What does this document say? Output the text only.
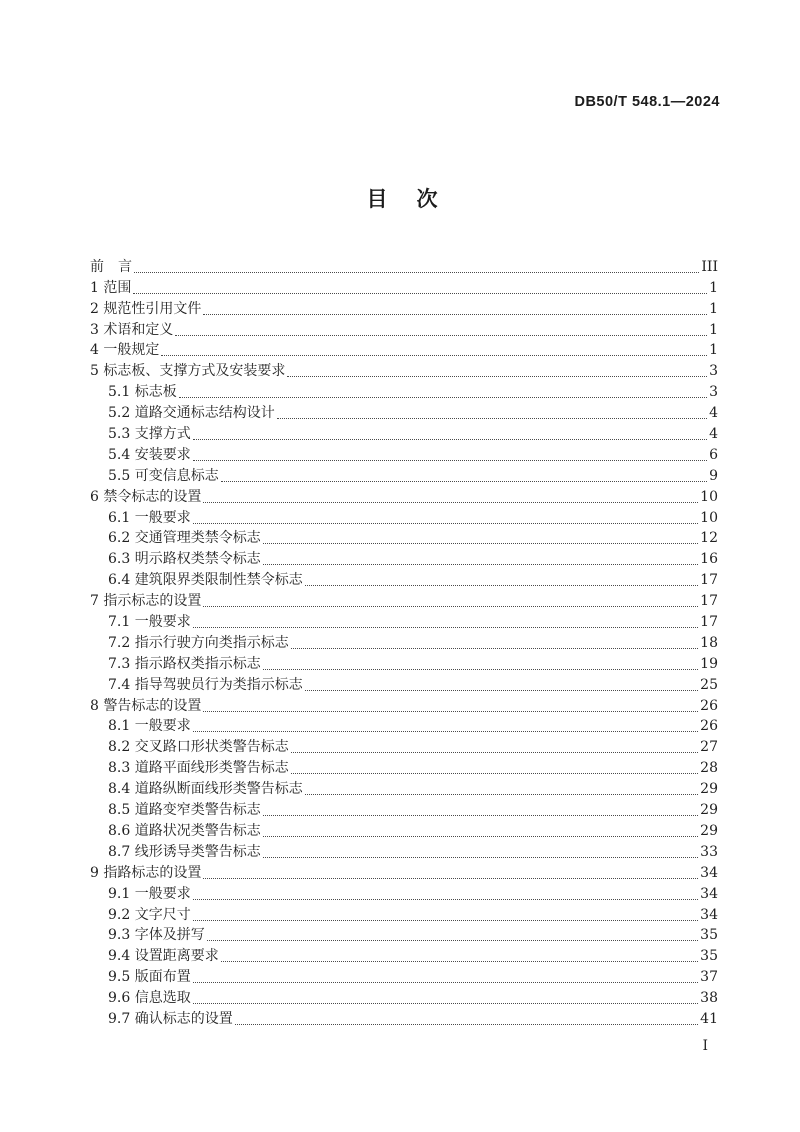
DB50/T 548.1—2024
目　次
前　言	III
1 范围	1
2 规范性引用文件	1
3 术语和定义	1
4 一般规定	1
5 标志板、支撑方式及安装要求	3
5.1 标志板	3
5.2 道路交通标志结构设计	4
5.3 支撑方式	4
5.4 安装要求	6
5.5 可变信息标志	9
6 禁令标志的设置	10
6.1 一般要求	10
6.2 交通管理类禁令标志	12
6.3 明示路权类禁令标志	16
6.4 建筑限界类限制性禁令标志	17
7 指示标志的设置	17
7.1 一般要求	17
7.2 指示行驶方向类指示标志	18
7.3 指示路权类指示标志	19
7.4 指导驾驶员行为类指示标志	25
8 警告标志的设置	26
8.1 一般要求	26
8.2 交叉路口形状类警告标志	27
8.3 道路平面线形类警告标志	28
8.4 道路纵断面线形类警告标志	29
8.5 道路变窄类警告标志	29
8.6 道路状况类警告标志	29
8.7 线形诱导类警告标志	33
9 指路标志的设置	34
9.1 一般要求	34
9.2 文字尺寸	34
9.3 字体及拼写	35
9.4 设置距离要求	35
9.5 版面布置	37
9.6 信息选取	38
9.7 确认标志的设置	41
I
